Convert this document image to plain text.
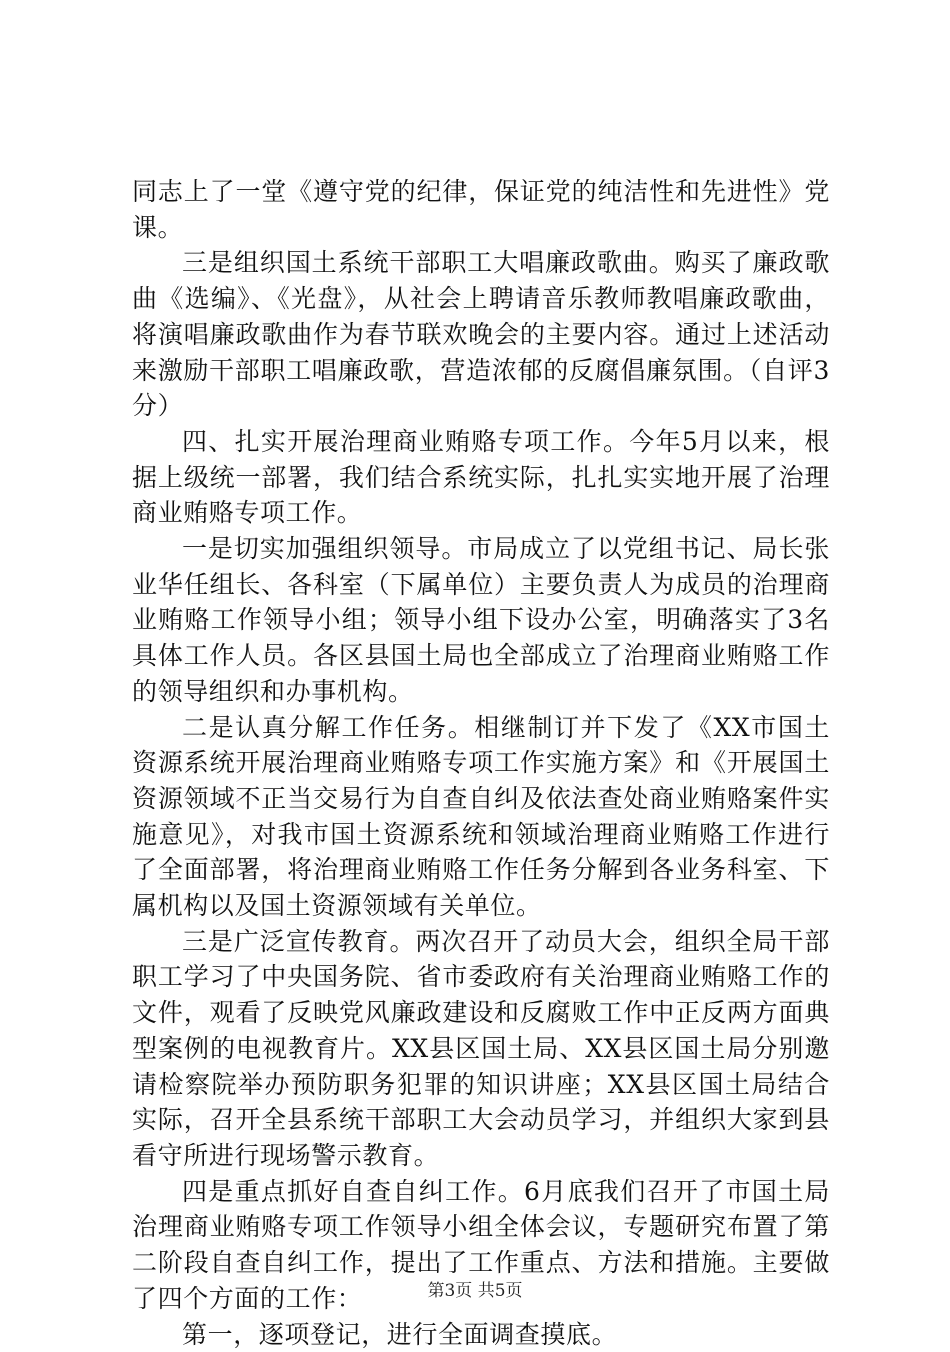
同志上了一堂《遵守党的纪律，保证党的纯洁性和先进性》党课。

三是组织国土系统干部职工大唱廉政歌曲。购买了廉政歌曲《选编》、《光盘》，从社会上聘请音乐教师教唱廉政歌曲，将演唱廉政歌曲作为春节联欢晚会的主要内容。通过上述活动来激励干部职工唱廉政歌，营造浓郁的反腐倡廉氛围。（自评3分）

四、扎实开展治理商业贿赂专项工作。今年5月以来，根据上级统一部署，我们结合系统实际，扎扎实实地开展了治理商业贿赂专项工作。

一是切实加强组织领导。市局成立了以党组书记、局长张业华任组长、各科室（下属单位）主要负责人为成员的治理商业贿赂工作领导小组；领导小组下设办公室，明确落实了3名具体工作人员。各区县国土局也全部成立了治理商业贿赂工作的领导组织和办事机构。

二是认真分解工作任务。相继制订并下发了《XX市国土资源系统开展治理商业贿赂专项工作实施方案》和《开展国土资源领域不正当交易行为自查自纠及依法查处商业贿赂案件实施意见》，对我市国土资源系统和领域治理商业贿赂工作进行了全面部署，将治理商业贿赂工作任务分解到各业务科室、下属机构以及国土资源领域有关单位。

三是广泛宣传教育。两次召开了动员大会，组织全局干部职工学习了中央国务院、省市委政府有关治理商业贿赂工作的文件，观看了反映党风廉政建设和反腐败工作中正反两方面典型案例的电视教育片。XX县区国土局、XX县区国土局分别邀请检察院举办预防职务犯罪的知识讲座；XX县区国土局结合实际，召开全县系统干部职工大会动员学习，并组织大家到县看守所进行现场警示教育。

四是重点抓好自查自纠工作。6月底我们召开了市国土局治理商业贿赂专项工作领导小组全体会议，专题研究布置了第二阶段自查自纠工作，提出了工作重点、方法和措施。主要做了四个方面的工作：

第一，逐项登记，进行全面调查摸底。

第3页 共5页
